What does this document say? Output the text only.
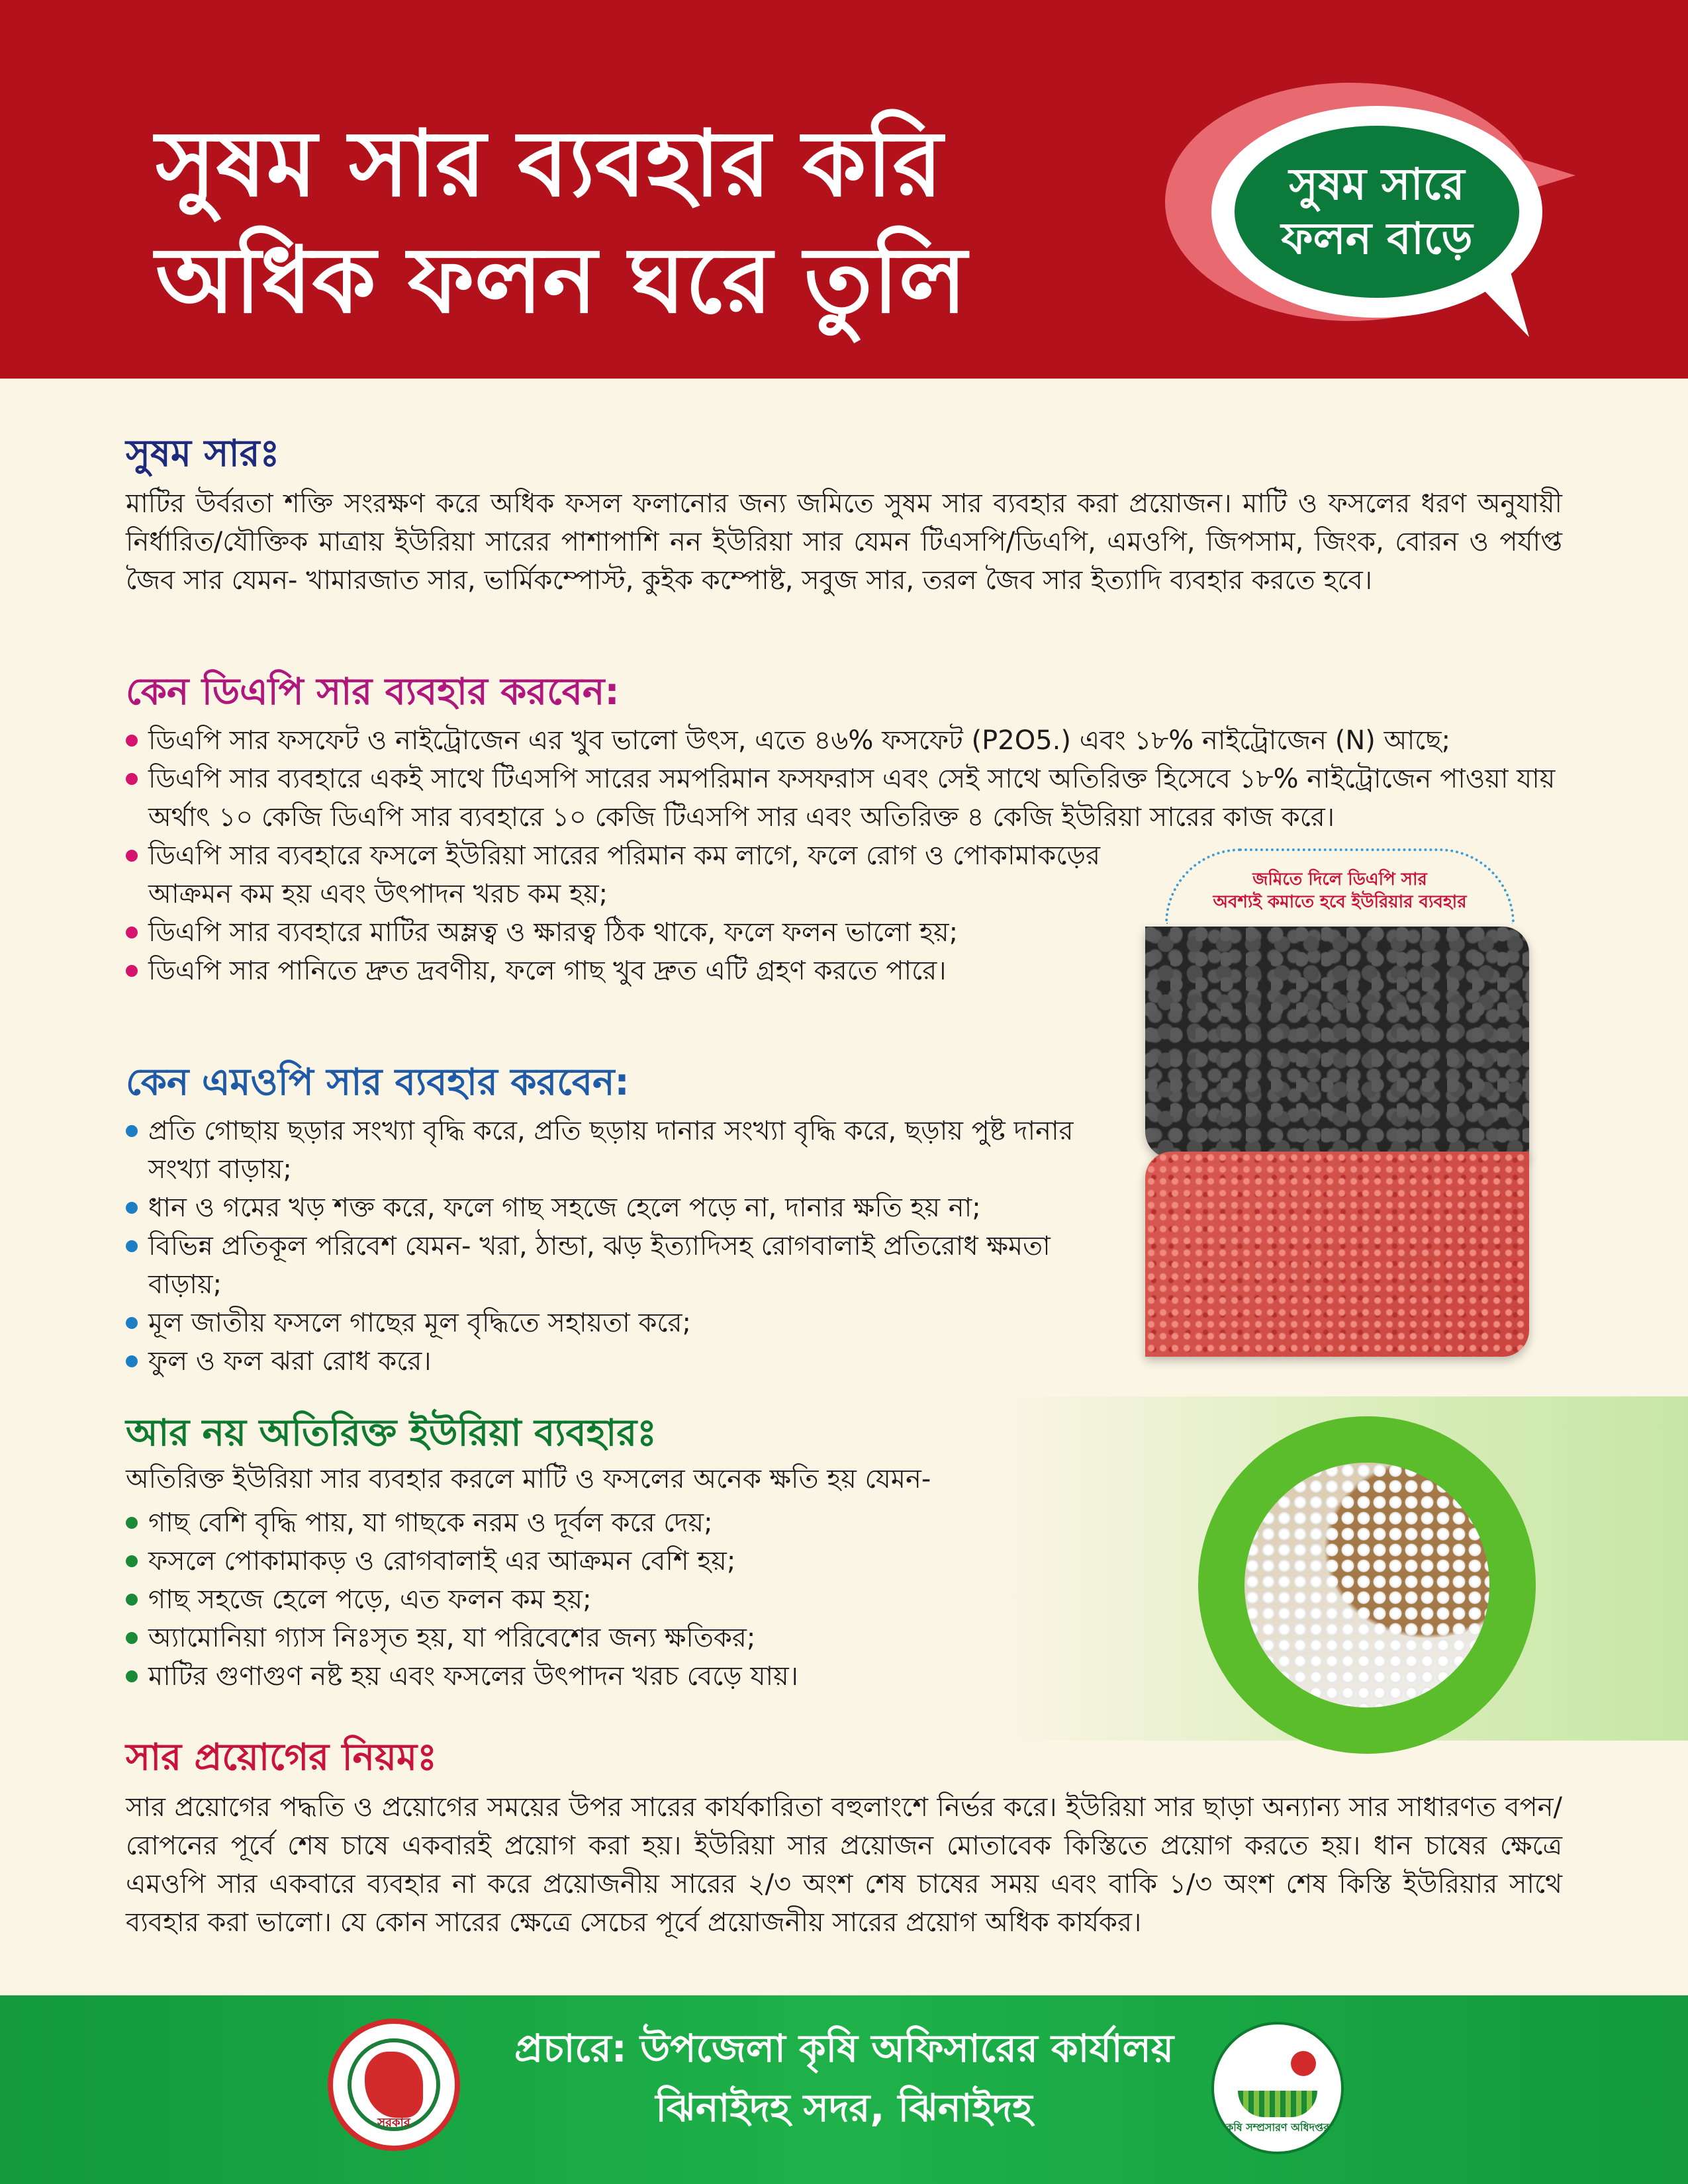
সুষম সার ব্যবহার করি
অধিক ফলন ঘরে তুলি
সুষম সারে
ফলন বাড়ে
সুষম সারঃ

মাটির উর্বরতা শক্তি সংরক্ষণ করে অধিক ফসল ফলানোর জন্য জমিতে সুষম সার ব্যবহার করা প্রয়োজন। মাটি ও ফসলের ধরণ অনুযায়ী নির্ধারিত/যৌক্তিক মাত্রায় ইউরিয়া সারের পাশাপাশি নন ইউরিয়া সার যেমন টিএসপি/ডিএপি, এমওপি, জিপসাম, জিংক, বোরন ও পর্যাপ্ত জৈব সার যেমন- খামারজাত সার, ভার্মিকম্পোস্ট, কুইক কম্পোষ্ট, সবুজ সার, তরল জৈব সার ইত্যাদি ব্যবহার করতে হবে।

কেন ডিএপি সার ব্যবহার করবেন:
ডিএপি সার ফসফেট ও নাইট্রোজেন এর খুব ভালো উৎস, এতে ৪৬% ফসফেট (P2O5.) এবং ১৮% নাইট্রোজেন (N) আছে;
ডিএপি সার ব্যবহারে একই সাথে টিএসপি সারের সমপরিমান ফসফরাস এবং সেই সাথে অতিরিক্ত হিসেবে ১৮% নাইট্রোজেন পাওয়া যায় অর্থাৎ ১০ কেজি ডিএপি সার ব্যবহারে ১০ কেজি টিএসপি সার এবং অতিরিক্ত ৪ কেজি ইউরিয়া সারের কাজ করে।
ডিএপি সার ব্যবহারে ফসলে ইউরিয়া সারের পরিমান কম লাগে, ফলে রোগ ও পোকামাকড়ের আক্রমন কম হয় এবং উৎপাদন খরচ কম হয়;
ডিএপি সার ব্যবহারে মাটির অম্লত্ব ও ক্ষারত্ব ঠিক থাকে, ফলে ফলন ভালো হয়;
ডিএপি সার পানিতে দ্রুত দ্রবণীয়, ফলে গাছ খুব দ্রুত এটি গ্রহণ করতে পারে।
জমিতে দিলে ডিএপি সার
অবশ্যই কমাতে হবে ইউরিয়ার ব্যবহার
কেন এমওপি সার ব্যবহার করবেন:
প্রতি গোছায় ছড়ার সংখ্যা বৃদ্ধি করে, প্রতি ছড়ায় দানার সংখ্যা বৃদ্ধি করে, ছড়ায় পুষ্ট দানার সংখ্যা বাড়ায়;
ধান ও গমের খড় শক্ত করে, ফলে গাছ সহজে হেলে পড়ে না, দানার ক্ষতি হয় না;
বিভিন্ন প্রতিকূল পরিবেশ যেমন- খরা, ঠান্ডা, ঝড় ইত্যাদিসহ রোগবালাই প্রতিরোধ ক্ষমতা বাড়ায়;
মূল জাতীয় ফসলে গাছের মূল বৃদ্ধিতে সহায়তা করে;
ফুল ও ফল ঝরা রোধ করে।
আর নয় অতিরিক্ত ইউরিয়া ব্যবহারঃ

অতিরিক্ত ইউরিয়া সার ব্যবহার করলে মাটি ও ফসলের অনেক ক্ষতি হয় যেমন-

গাছ বেশি বৃদ্ধি পায়, যা গাছকে নরম ও দূর্বল করে দেয়;
ফসলে পোকামাকড় ও রোগবালাই এর আক্রমন বেশি হয়;
গাছ সহজে হেলে পড়ে, এত ফলন কম হয়;
অ্যামোনিয়া গ্যাস নিঃসৃত হয়, যা পরিবেশের জন্য ক্ষতিকর;
মাটির গুণাগুণ নষ্ট হয় এবং ফসলের উৎপাদন খরচ বেড়ে যায়।
সার প্রয়োগের নিয়মঃ

সার প্রয়োগের পদ্ধতি ও প্রয়োগের সময়ের উপর সারের কার্যকারিতা বহুলাংশে নির্ভর করে। ইউরিয়া সার ছাড়া অন্যান্য সার সাধারণত বপন/রোপনের পূর্বে শেষ চাষে একবারই প্রয়োগ করা হয়। ইউরিয়া সার প্রয়োজন মোতাবেক কিস্তিতে প্রয়োগ করতে হয়। ধান চাষের ক্ষেত্রে এমওপি সার একবারে ব্যবহার না করে প্রয়োজনীয় সারের ২/৩ অংশ শেষ চাষের সময় এবং বাকি ১/৩ অংশ শেষ কিস্তি ইউরিয়ার সাথে ব্যবহার করা ভালো। যে কোন সারের ক্ষেত্রে সেচের পূর্বে প্রয়োজনীয় সারের প্রয়োগ অধিক কার্যকর।

সরকার
প্রচারে: উপজেলা কৃষি অফিসারের কার্যালয়
ঝিনাইদহ সদর, ঝিনাইদহ	কৃষি সম্প্রসারণ অধিদপ্তর
